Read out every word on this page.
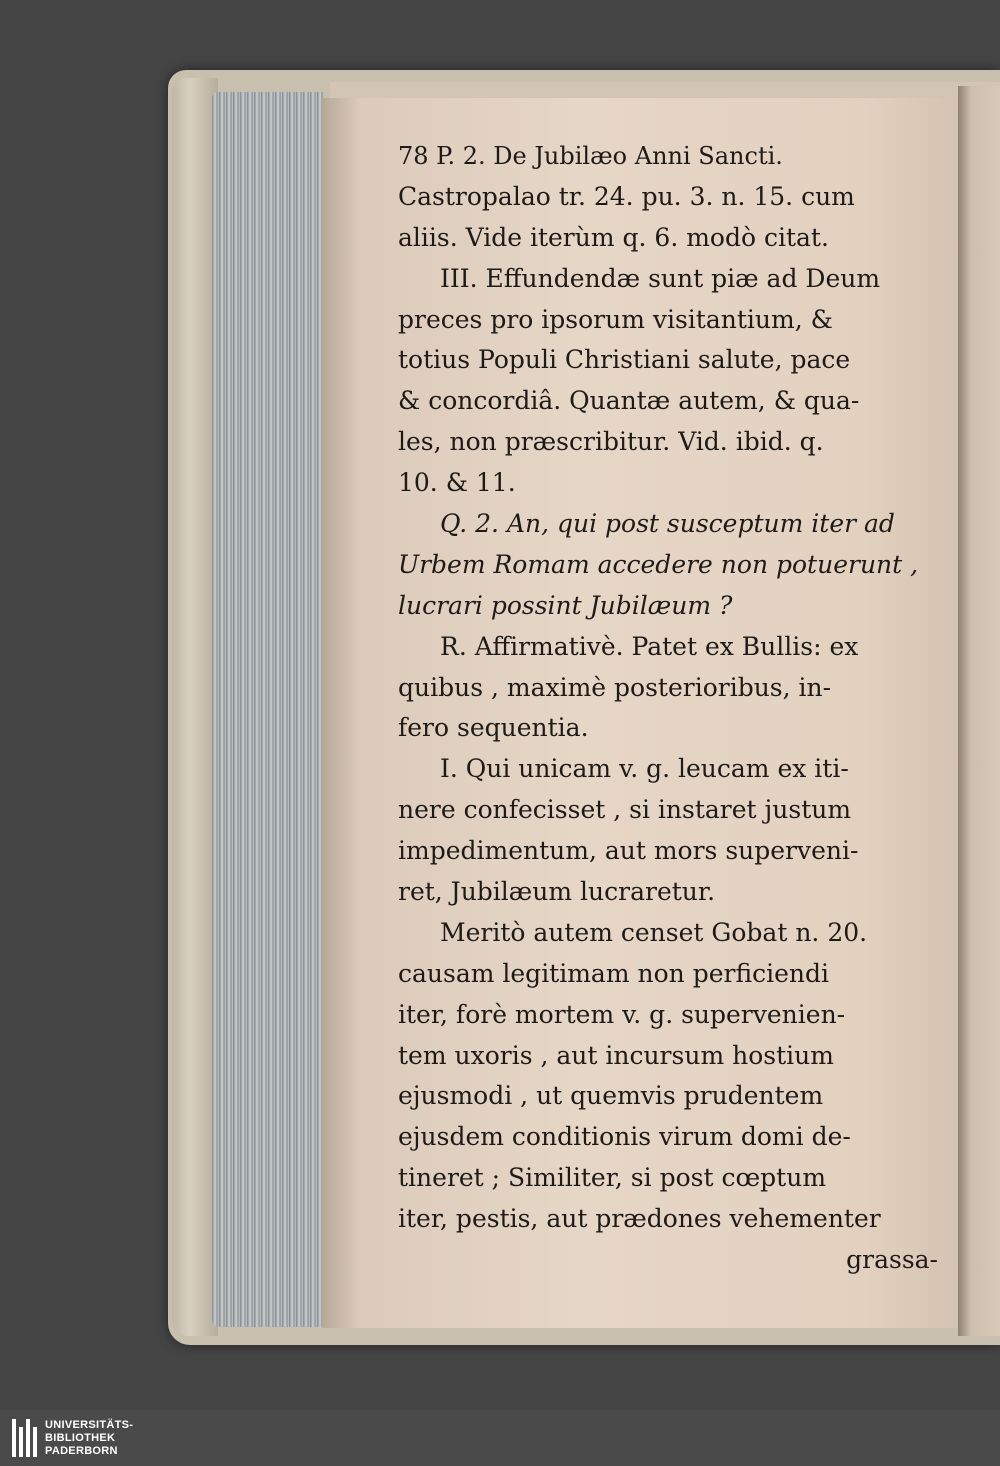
78 P. 2. De Jubilæo Anni Sancti.
Castropalao tr. 24. pu. 3. n. 15. cum
aliis. Vide iterùm q. 6. modò citat.
III. Effundendæ sunt piæ ad Deum
preces pro ipsorum visitantium, &
totius Populi Christiani salute, pace
& concordiâ. Quantæ autem, & qua-
les, non præscribitur. Vid. ibid. q.
10. & 11.
Q. 2. An, qui post susceptum iter ad
Urbem Romam accedere non potuerunt ,
lucrari possint Jubilæum ?
R. Affirmativè. Patet ex Bullis: ex
quibus , maximè posterioribus, in-
fero sequentia.
I. Qui unicam v. g. leucam ex iti-
nere confecisset , si instaret justum
impedimentum, aut mors superveni-
ret, Jubilæum lucraretur.
Meritò autem censet Gobat n. 20.
causam legitimam non perficiendi
iter, forè mortem v. g. supervenien-
tem uxoris , aut incursum hostium
ejusmodi , ut quemvis prudentem
ejusdem conditionis virum domi de-
tineret ; Similiter, si post cœptum
iter, pestis, aut prædones vehementer
grassa-
UNIVERSITÄTS-
BIBLIOTHEK
PADERBORN
